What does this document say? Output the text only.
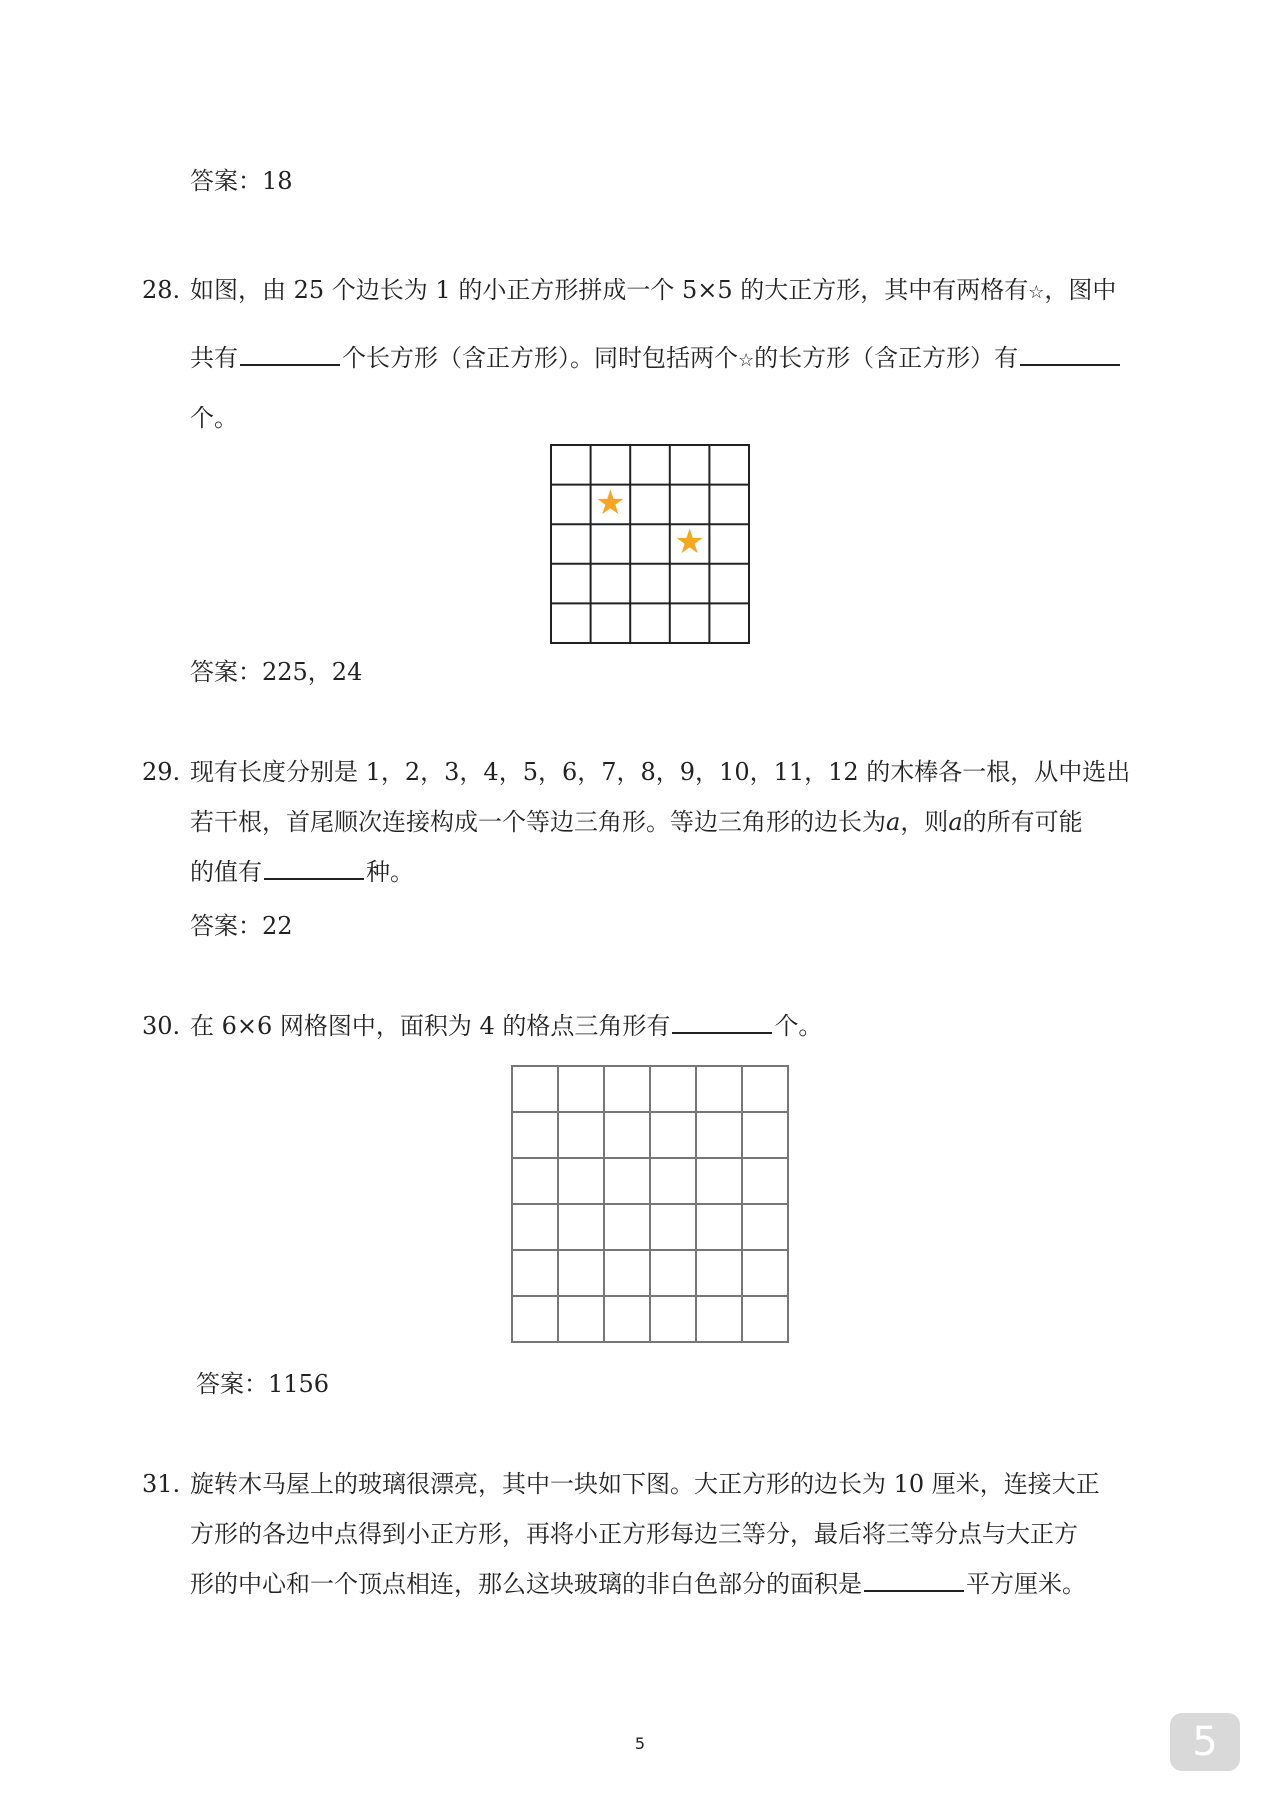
答案：18
28. 如图，由 25 个边长为 1 的小正方形拼成一个 5×5 的大正方形，其中有两格有☆，图中
共有	个长方形（含正方形）。同时包括两个☆的长方形（含正方形）有
个。
★
★
答案：225，24
29. 现有长度分别是 1，2，3，4，5，6，7，8，9，10，11，12 的木棒各一根，从中选出
若干根，首尾顺次连接构成一个等边三角形。等边三角形的边长为a，则a的所有可能
的值有	种。
答案：22
30. 在 6×6 网格图中，面积为 4 的格点三角形有	个。
答案：1156
31. 旋转木马屋上的玻璃很漂亮，其中一块如下图。大正方形的边长为 10 厘米，连接大正
方形的各边中点得到小正方形，再将小正方形每边三等分，最后将三等分点与大正方
形的中心和一个顶点相连，那么这块玻璃的非白色部分的面积是	平方厘米。
5	5
